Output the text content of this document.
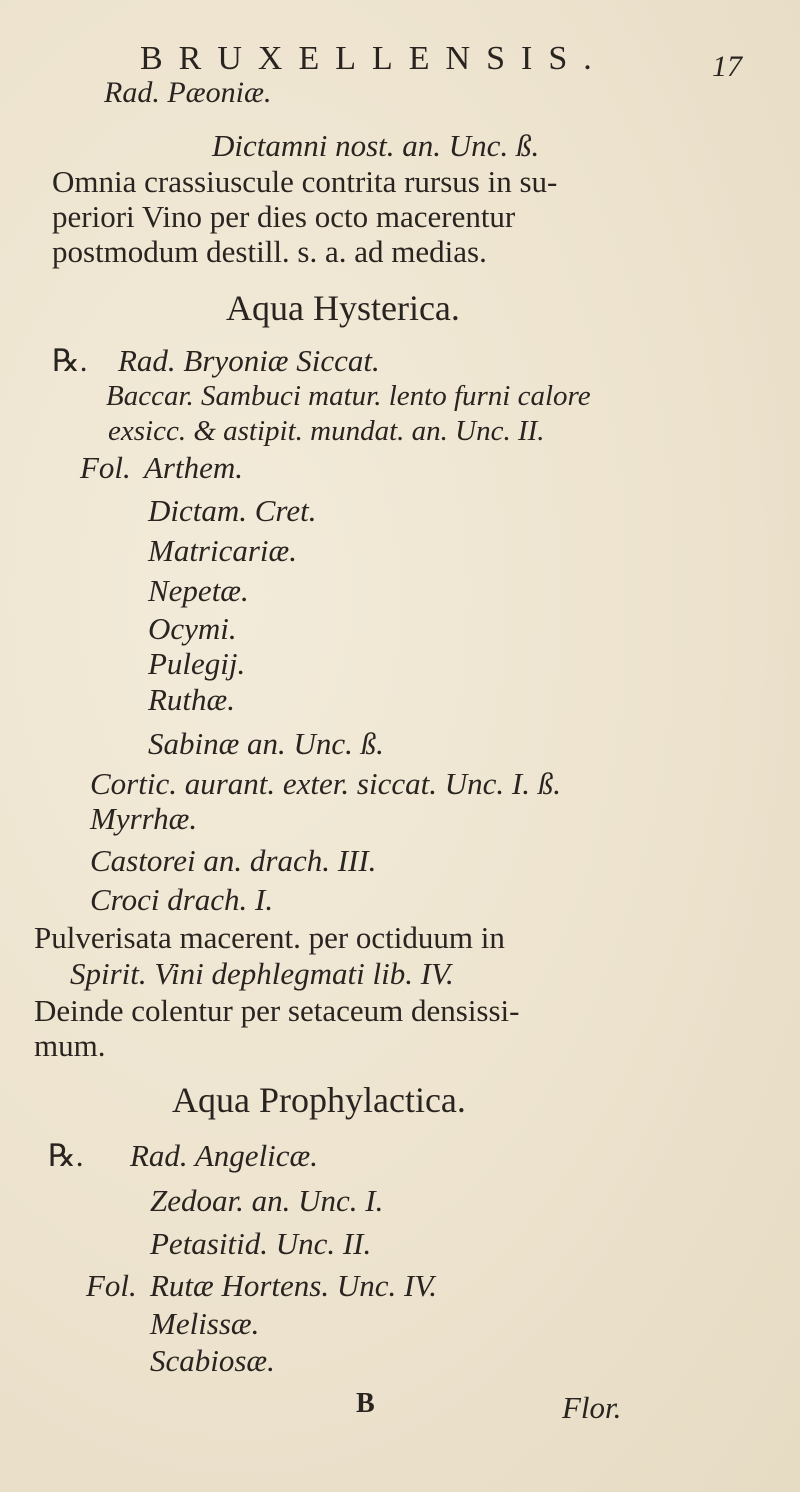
BRUXELLENSIS.	17
Rad. Pæoniæ.
Dictamni nost. an. Unc. ß.
Omnia crassiuscule contrita rursus in su-
periori Vino per dies octo macerentur
postmodum destill. s. a. ad medias.
Aqua Hysterica.
℞. Rad. Bryoniæ Siccat.
Baccar. Sambuci matur. lento furni calore
exsicc. & astipit. mundat. an. Unc. II.
Fol. Arthem.
Dictam. Cret.
Matricariæ.
Nepetæ.
Ocymi.
Pulegij.
Ruthæ.
Sabinæ an. Unc. ß.
Cortic. aurant. exter. siccat. Unc. I. ß.
Myrrhæ.
Castorei an. drach. III.
Croci drach. I.
Pulverisata macerent. per octiduum in
Spirit. Vini dephlegmati lib. IV.
Deinde colentur per setaceum densissi-
mum.
Aqua Prophylactica.
℞. Rad. Angelicæ.
Zedoar. an. Unc. I.
Petasitid. Unc. II.
Fol. Rutæ Hortens. Unc. IV.
Melissæ.
Scabiosæ.
B	Flor.
